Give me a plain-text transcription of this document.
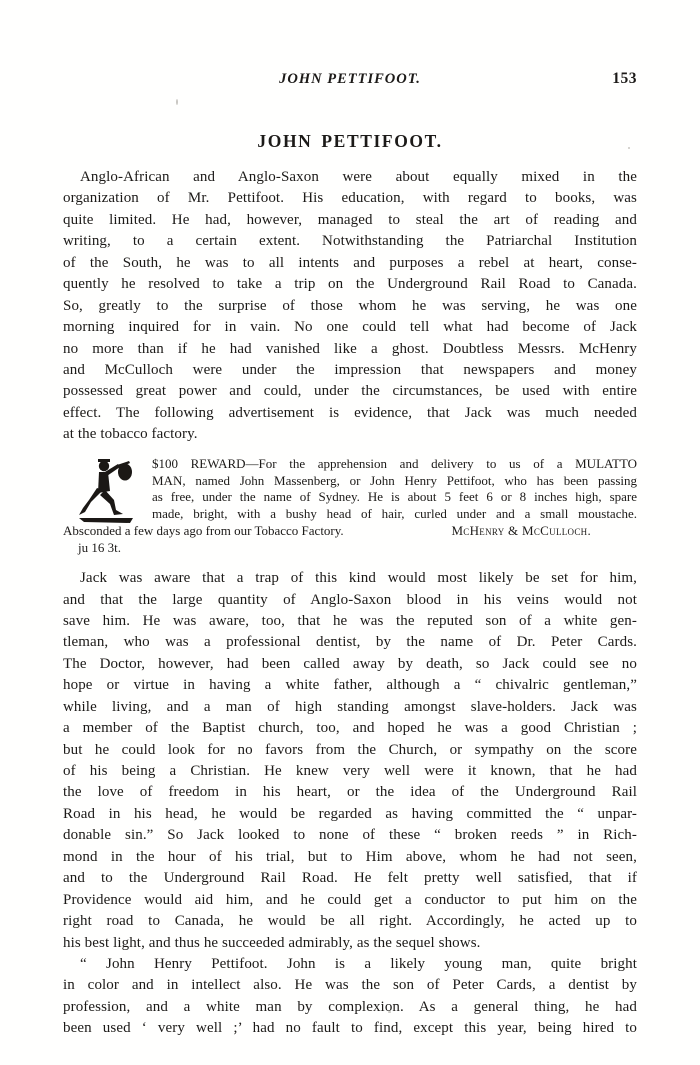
JOHN PETTIFOOT.	153
JOHN PETTIFOOT.
Anglo-African and Anglo-Saxon were about equally mixed in the
organization of Mr. Pettifoot. His education, with regard to books, was
quite limited. He had, however, managed to steal the art of reading and
writing, to a certain extent. Notwithstanding the Patriarchal Institution
of the South, he was to all intents and purposes a rebel at heart, conse-
quently he resolved to take a trip on the Underground Rail Road to Canada.
So, greatly to the surprise of those whom he was serving, he was one
morning inquired for in vain. No one could tell what had become of Jack
no more than if he had vanished like a ghost. Doubtless Messrs. McHenry
and McCulloch were under the impression that newspapers and money
possessed great power and could, under the circumstances, be used with entire
effect. The following advertisement is evidence, that Jack was much needed
at the tobacco factory.
$100 REWARD—For the apprehension and delivery to us of a MULATTO
MAN, named John Massenberg, or John Henry Pettifoot, who has been passing
as free, under the name of Sydney. He is about 5 feet 6 or 8 inches high, spare
made, bright, with a bushy head of hair, curled under and a small moustache.
Absconded a few days ago from our Tobacco Factory.	McHenry & McCulloch.
ju 16 3t.
Jack was aware that a trap of this kind would most likely be set for him,
and that the large quantity of Anglo-Saxon blood in his veins would not
save him. He was aware, too, that he was the reputed son of a white gen-
tleman, who was a professional dentist, by the name of Dr. Peter Cards.
The Doctor, however, had been called away by death, so Jack could see no
hope or virtue in having a white father, although a “ chivalric gentleman,”
while living, and a man of high standing amongst slave-holders. Jack was
a member of the Baptist church, too, and hoped he was a good Christian ;
but he could look for no favors from the Church, or sympathy on the score
of his being a Christian. He knew very well were it known, that he had
the love of freedom in his heart, or the idea of the Underground Rail
Road in his head, he would be regarded as having committed the “ unpar-
donable sin.” So Jack looked to none of these “ broken reeds ” in Rich-
mond in the hour of his trial, but to Him above, whom he had not seen,
and to the Underground Rail Road. He felt pretty well satisfied, that if
Providence would aid him, and he could get a conductor to put him on the
right road to Canada, he would be all right. Accordingly, he acted up to
his best light, and thus he succeeded admirably, as the sequel shows.
“ John Henry Pettifoot. John is a likely young man, quite bright
in color and in intellect also. He was the son of Peter Cards, a dentist by
profession, and a white man by complexion. As a general thing, he had
been used ‘ very well ;’ had no fault to find, except this year, being hired to
